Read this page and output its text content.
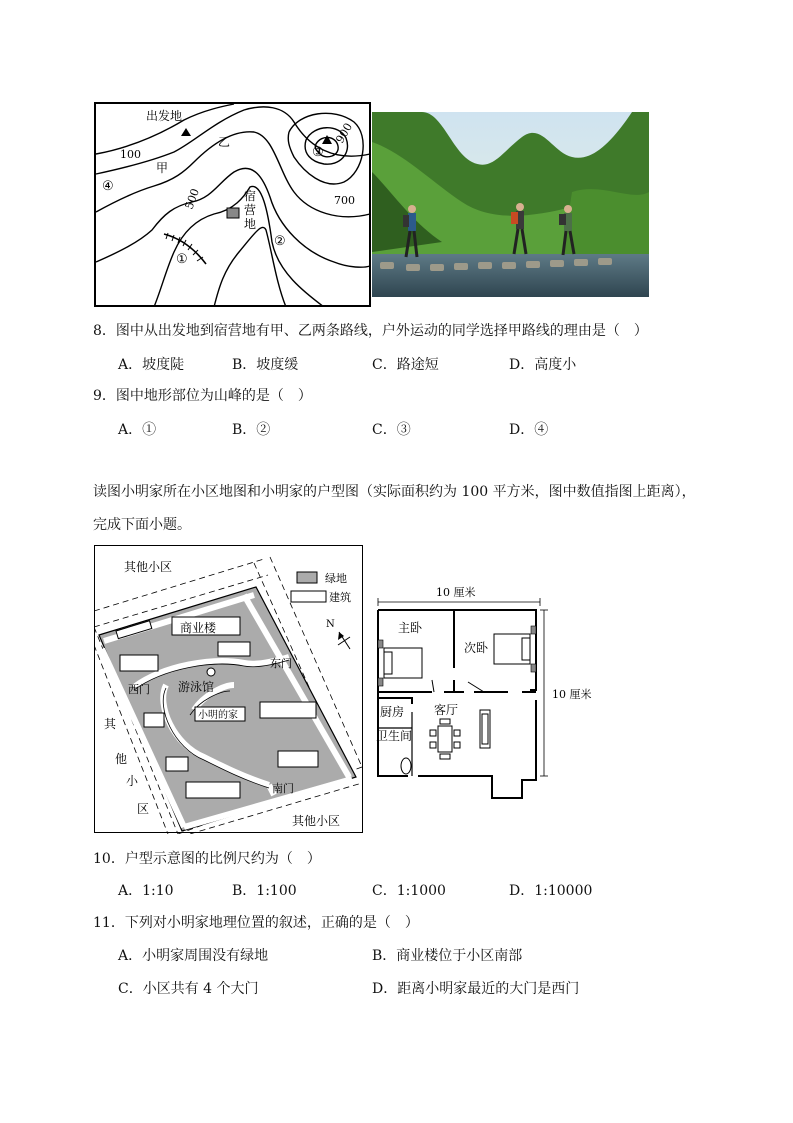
出发地
宿
营
地
甲
乙
100
700
500
900
①
②
③
④
8．图中从出发地到宿营地有甲、乙两条路线，户外运动的同学选择甲路线的理由是（　）
A．坡度陡	B．坡度缓	C．路途短	D．高度小
9．图中地形部位为山峰的是（　）
A．①	B．②	C．③	D．④
读图小明家所在小区地图和小明家的户型图（实际面积约为 100 平方米，图中数值指图上距离），
完成下面小题。
绿地
建筑
N
其他小区
其
他
小
区
其他小区
商业楼
东门
西门
南门
游泳馆
小明的家
10 厘米
10 厘米
主卧
次卧
厨房 客厅
卫生间
10．户型示意图的比例尺约为（　）
A．1:10	B．1:100	C．1:1000	D．1:10000
11．下列对小明家地理位置的叙述，正确的是（　）
A．小明家周围没有绿地	B．商业楼位于小区南部
C．小区共有 4 个大门	D．距离小明家最近的大门是西门
